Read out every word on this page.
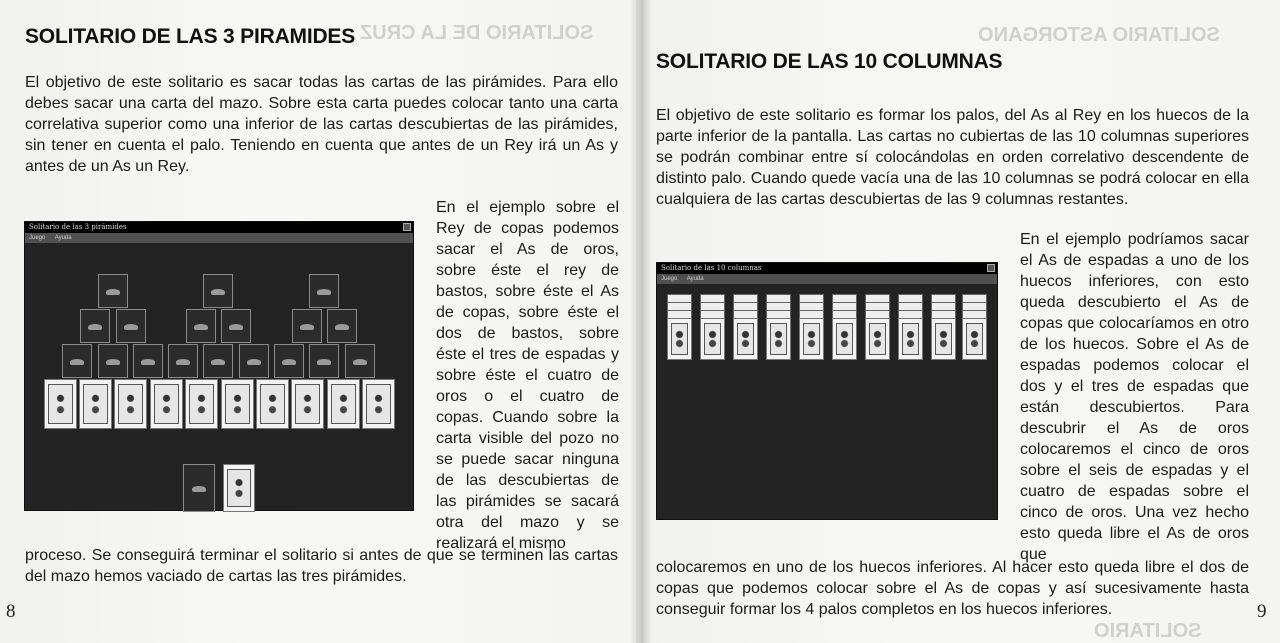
SOLITARIO DE LA CRUZ
SOLITARIO DE LAS 3 PIRAMIDES

El objetivo de este solitario es sacar todas las cartas de las pirámides. Para ello debes sacar una carta del mazo. Sobre esta carta puedes colocar tanto una carta correlativa superior como una inferior de las cartas descubiertas de las pirámides, sin tener en cuenta el palo. Teniendo en cuenta que antes de un Rey irá un As y antes de un As un Rey.

En el ejemplo sobre el Rey de copas podemos sacar el As de oros, sobre éste el rey de bastos, sobre éste el As de copas, sobre éste el dos de bastos, sobre éste el tres de espadas y sobre éste el cuatro de oros o el cuatro de copas. Cuando sobre la carta visible del pozo no se puede sacar ninguna de las descubiertas de las pirámides se sacará otra del mazo y se realizará el mismo

proceso. Se conseguirá terminar el solitario si antes de que se terminen las cartas del mazo hemos vaciado de cartas las tres pirámides.

8
Solitario de las 3 pirámides
Juego Ayuda
SOLITARIO ASTORGANO
SOLITARIO
SOLITARIO DE LAS 10 COLUMNAS

El objetivo de este solitario es formar los palos, del As al Rey en los huecos de la parte inferior de la pantalla. Las cartas no cubiertas de las 10 columnas superiores se podrán combinar entre sí colocándolas en orden correlativo descendente de distinto palo. Cuando quede vacía una de las 10 columnas se podrá colocar en ella cualquiera de las cartas descubiertas de las 9 columnas restantes.

En el ejemplo podríamos sacar el As de espadas a uno de los huecos inferiores, con esto queda descubierto el As de copas que colocaríamos en otro de los huecos. Sobre el As de espadas podemos colocar el dos y el tres de espadas que están descubiertos. Para descubrir el As de oros colocaremos el cinco de oros sobre el seis de espadas y el cuatro de espadas sobre el cinco de oros. Una vez hecho esto queda libre el As de oros que

colocaremos en uno de los huecos inferiores. Al hacer esto queda libre el dos de copas que podemos colocar sobre el As de copas y así sucesivamente hasta conseguir formar los 4 palos completos en los huecos inferiores.	9
Solitario de las 10 columnas
Juego Ayuda
